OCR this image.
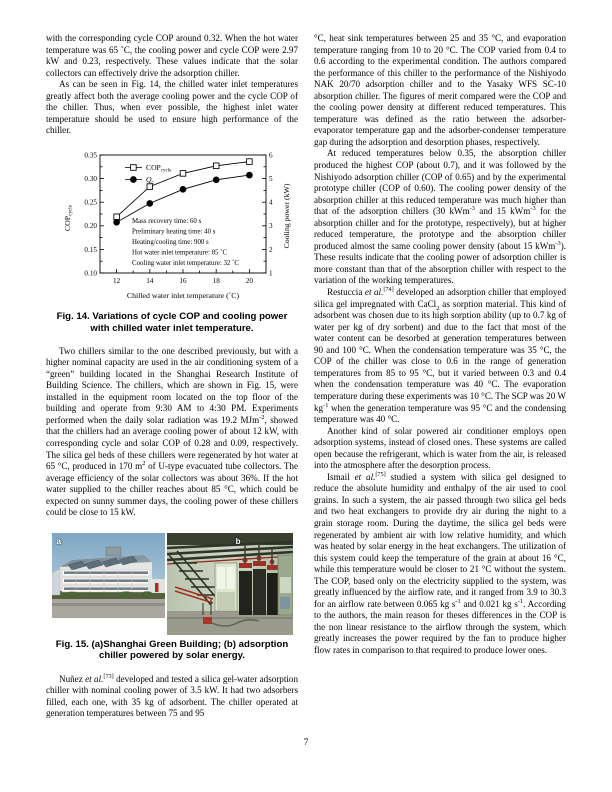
with the corresponding cycle COP around 0.32. When the hot water temperature was 65 ˚C, the cooling power and cycle COP were 2.97 kW and 0.23, respectively. These values indicate that the solar collectors can effectively drive the adsorption chiller.

As can be seen in Fig. 14, the chilled water inlet temperatures greatly affect both the average cooling power and the cycle COP of the chiller. Thus, when ever possible, the highest inlet water temperature should be used to ensure high performance of the chiller.

0.10
0.15
0.20
0.25
0.30
0.35
1
2
3
4
5
6
12	14	16	18	20
Chilled water inlet temperature (˚C)
$COP_{cycle}$	Cooling power (kW)
COPcycle
Qc
Mass recovery time: 60 s
Preliminary heating time: 40 s
Heating/cooling time: 900 s
Hot water inlet temperature: 85 ˚C
Cooling water inlet temperature: 32 ˚C
Fig. 14. Variations of cycle COP and cooling power with chilled water inlet temperature.

Two chillers similar to the one described previously, but with a higher nominal capacity are used in the air conditioning system of a “green” building located in the Shanghai Research Institute of Building Science. The chillers, which are shown in Fig. 15, were installed in the equipment room located on the top floor of the building and operate from 9:30 AM to 4:30 PM. Experiments performed when the daily solar radiation was 19.2 MJm$^{-2}$, showed that the chillers had an average cooling power of about 12 kW, with corresponding cycle and solar COP of 0.28 and 0.09, respectively. The silica gel beds of these chillers were regenerated by hot water at 65 °C, produced in 170 $m^2$ of U-type evacuated tube collectors. The average efficiency of the solar collectors was about 36%. If the hot water supplied to the chiller reaches about 85 °C, which could be expected on sunny summer days, the cooling power of these chillers could be close to 15 kW.

a	b
Fig. 15. (a)Shanghai Green Building; (b) adsorption chiller powered by solar energy.

Nuñez et al.[73] developed and tested a silica gel-water adsorption chiller with nominal cooling power of 3.5 kW. It had two adsorbers filled, each one, with 35 kg of adsorbent. The chiller operated at generation temperatures between 75 and 95

°C, heat sink temperatures between 25 and 35 °C, and evaporation temperature ranging from 10 to 20 °C. The COP varied from 0.4 to 0.6 according to the experimental condition. The authors compared the performance of this chiller to the performance of the Nishiyodo NAK 20/70 adsorption chiller and to the Yasaky WFS SC-10 absorption chiller. The figures of merit compared were the COP and the cooling power density at different reduced temperatures. This temperature was defined as the ratio between the adsorber-evaporator temperature gap and the adsorber-condenser temperature gap during the adsorption and desorption phases, respectively.

At reduced temperatures below 0.35, the absorption chiller produced the highest COP (about 0.7), and it was followed by the Nishiyodo adsorption chiller (COP of 0.65) and by the experimental prototype chiller (COP of 0.60). The cooling power density of the absorption chiller at this reduced temperature was much higher than that of the adsorption chillers (30 kWm$^{-3}$ and 15 kWm$^{-3}$ for the absorption chiller and for the prototype, respectively), but at higher reduced temperature, the prototype and the absorption chiller produced almost the same cooling power density (about 15 kWm$^{-3}$). These results indicate that the cooling power of adsorption chiller is more constant than that of the absorption chiller with respect to the variation of the working temperatures.

Restuccia et al.[74] developed an adsorption chiller that employed silica gel impregnated with CaCl$_2$ as sorption material. This kind of adsorbent was chosen due to its high sorption ability (up to 0.7 kg of water per kg of dry sorbent) and due to the fact that most of the water content can be desorbed at generation temperatures between 90 and 100 °C. When the condensation temperature was 35 °C, the COP of the chiller was close to 0.6 in the range of generation temperatures from 85 to 95 °C, but it varied between 0.3 and 0.4 when the condensation temperature was 40 °C. The evaporation temperature during these experiments was 10 °C. The SCP was 20 W $kg^{-1}$ when the generation temperature was 95 °C and the condensing temperature was 40 °C.

Another kind of solar powered air conditioner employs open adsorption systems, instead of closed ones. These systems are called open because the refrigerant, which is water from the air, is released into the atmosphere after the desorption process.

Ismail et al.[75] studied a system with silica gel designed to reduce the absolute humidity and enthalpy of the air used to cool grains. In such a system, the air passed through two silica gel beds and two heat exchangers to provide dry air during the night to a grain storage room. During the daytime, the silica gel beds were regenerated by ambient air with low relative humidity, and which was heated by solar energy in the heat exchangers. The utilization of this system could keep the temperature of the grain at about 16 °C, while this temperature would be closer to 21 °C without the system. The COP, based only on the electricity supplied to the system, was greatly influenced by the airflow rate, and it ranged from 3.9 to 30.3 for an airflow rate between 0.065 kg $s^{-1}$ and 0.021 kg $s^{-1}$. According to the authors, the main reason for theses differences in the COP is the non linear resistance to the airflow through the system, which greatly increases the power required by the fan to produce higher flow rates in comparison to that required to produce lower ones.

7
